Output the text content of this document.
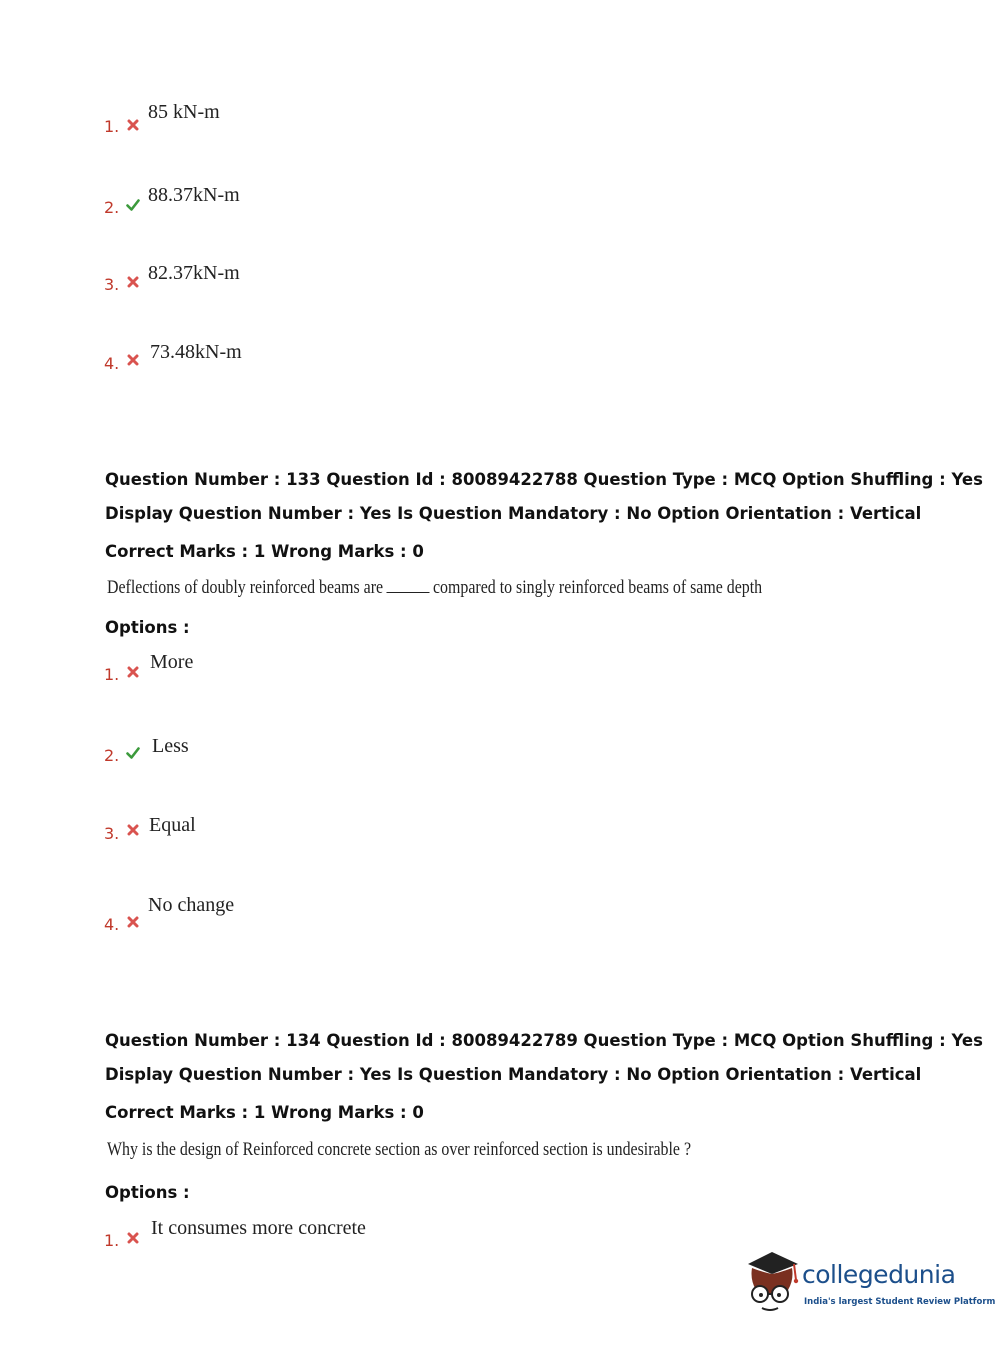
1.
85 kN-m
2.
88.37kN-m
3.
82.37kN-m
4.
73.48kN-m
Question Number : 133 Question Id : 80089422788 Question Type : MCQ Option Shuffling : Yes
Display Question Number : Yes Is Question Mandatory : No Option Orientation : Vertical
Correct Marks : 1 Wrong Marks : 0
Deflections of doubly reinforced beams are	compared to singly reinforced beams of same depth
Options :
1.
More
2. Less
3. Equal
4.
No change
Question Number : 134 Question Id : 80089422789 Question Type : MCQ Option Shuffling : Yes
Display Question Number : Yes Is Question Mandatory : No Option Orientation : Vertical
Correct Marks : 1 Wrong Marks : 0
Why is the design of Reinforced concrete section as over reinforced section is undesirable ?
Options :
1.
It consumes more concrete
collegedunia
India's largest Student Review Platform
